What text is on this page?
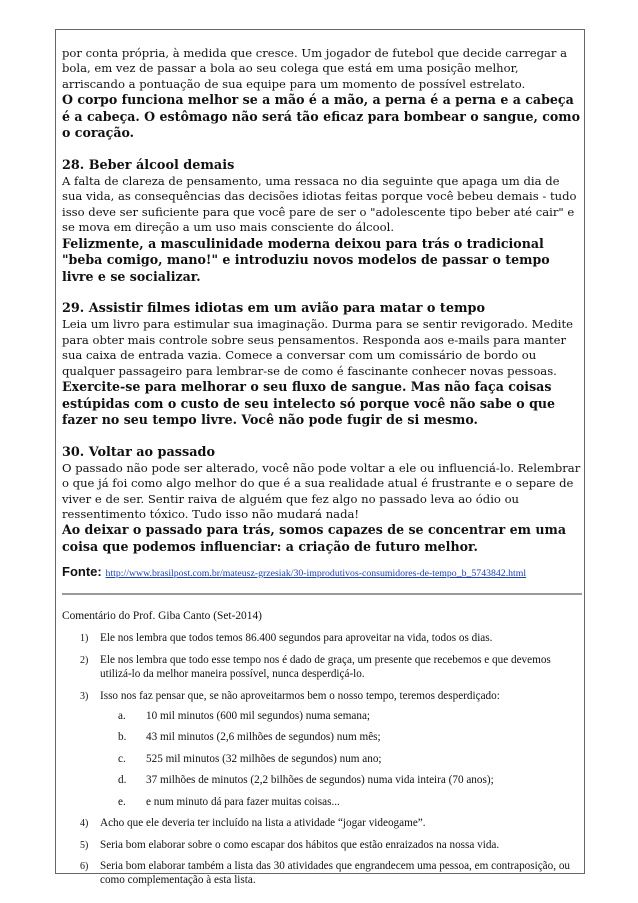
por conta própria, à medida que cresce. Um jogador de futebol que decide carregar a bola, em vez de passar a bola ao seu colega que está em uma posição melhor, arriscando a pontuação de sua equipe para um momento de possível estrelato.

O corpo funciona melhor se a mão é a mão, a perna é a perna e a cabeça é a cabeça. O estômago não será tão eficaz para bombear o sangue, como o coração.

28. Beber álcool demais

A falta de clareza de pensamento, uma ressaca no dia seguinte que apaga um dia de sua vida, as consequências das decisões idiotas feitas porque você bebeu demais - tudo isso deve ser suficiente para que você pare de ser o "adolescente tipo beber até cair" e se mova em direção a um uso mais consciente do álcool.

Felizmente, a masculinidade moderna deixou para trás o tradicional "beba comigo, mano!" e introduziu novos modelos de passar o tempo livre e se socializar.

29. Assistir filmes idiotas em um avião para matar o tempo

Leia um livro para estimular sua imaginação. Durma para se sentir revigorado. Medite para obter mais controle sobre seus pensamentos. Responda aos e-mails para manter sua caixa de entrada vazia. Comece a conversar com um comissário de bordo ou qualquer passageiro para lembrar-se de como é fascinante conhecer novas pessoas.

Exercite-se para melhorar o seu fluxo de sangue. Mas não faça coisas estúpidas com o custo de seu intelecto só porque você não sabe o que fazer no seu tempo livre. Você não pode fugir de si mesmo.

30. Voltar ao passado

O passado não pode ser alterado, você não pode voltar a ele ou influenciá-lo. Relembrar o que já foi como algo melhor do que é a sua realidade atual é frustrante e o separe de viver e de ser. Sentir raiva de alguém que fez algo no passado leva ao ódio ou ressentimento tóxico. Tudo isso não mudará nada!

Ao deixar o passado para trás, somos capazes de se concentrar em uma coisa que podemos influenciar: a criação de futuro melhor.

Fonte: http://www.brasilpost.com.br/mateusz-grzesiak/30-improdutivos-consumidores-de-tempo_b_5743842.html

Comentário do Prof. Giba Canto (Set-2014)

1) Ele nos lembra que todos temos 86.400 segundos para aproveitar na vida, todos os dias.
2) Ele nos lembra que todo esse tempo nos é dado de graça, um presente que recebemos e que devemos utilizá-lo da melhor maneira possível, nunca desperdiçá-lo.
3) Isso nos faz pensar que, se não aproveitarmos bem o nosso tempo, teremos desperdiçado:
a. 10 mil minutos (600 mil segundos) numa semana;
b. 43 mil minutos (2,6 milhões de segundos) num mês;
c. 525 mil minutos (32 milhões de segundos) num ano;
d. 37 milhões de minutos (2,2 bilhões de segundos) numa vida inteira (70 anos);
e. e num minuto dá para fazer muitas coisas...
4) Acho que ele deveria ter incluído na lista a atividade “jogar videogame”.
5) Seria bom elaborar sobre o como escapar dos hábitos que estão enraizados na nossa vida.
6) Seria bom elaborar também a lista das 30 atividades que engrandecem uma pessoa, em contraposição, ou como complementação à esta lista.
